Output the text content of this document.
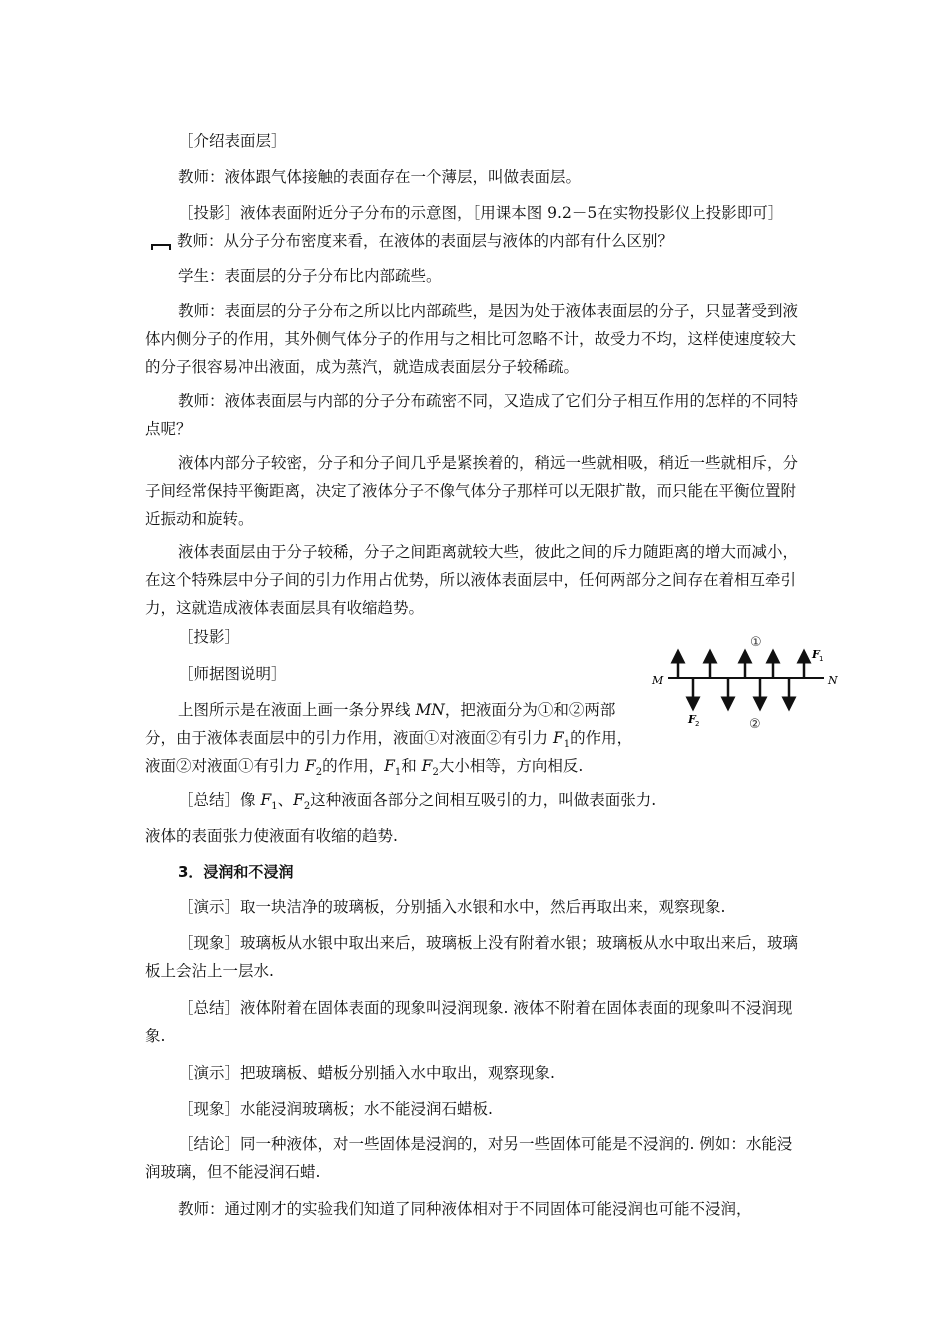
［介绍表面层］

教师：液体跟气体接触的表面存在一个薄层，叫做表面层。

［投影］液体表面附近分子分布的示意图，［用课本图 9.2－5在实物投影仪上投影即可］教师：从分子分布密度来看，在液体的表面层与液体的内部有什么区别？

学生：表面层的分子分布比内部疏些。

教师：表面层的分子分布之所以比内部疏些，是因为处于液体表面层的分子，只显著受到液体内侧分子的作用，其外侧气体分子的作用与之相比可忽略不计，故受力不均，这样使速度较大的分子很容易冲出液面，成为蒸汽，就造成表面层分子较稀疏。

教师：液体表面层与内部的分子分布疏密不同，又造成了它们分子相互作用的怎样的不同特点呢？

液体内部分子较密，分子和分子间几乎是紧挨着的，稍远一些就相吸，稍近一些就相斥，分子间经常保持平衡距离，决定了液体分子不像气体分子那样可以无限扩散，而只能在平衡位置附近振动和旋转。

液体表面层由于分子较稀，分子之间距离就较大些，彼此之间的斥力随距离的增大而减小，在这个特殊层中分子间的引力作用占优势，所以液体表面层中，任何两部分之间存在着相互牵引力，这就造成液体表面层具有收缩趋势。

［投影］

［师据图说明］

上图所示是在液面上画一条分界线 MN，把液面分为①和②两部分，由于液体表面层中的引力作用，液面①对液面②有引力 $F_1$的作用，液面②对液面①有引力 $F_2$的作用，$F_1$和 $F_2$大小相等，方向相反.

［总结］像 $F_1$、$F_2$这种液面各部分之间相互吸引的力，叫做表面张力.

液体的表面张力使液面有收缩的趋势.

3．浸润和不浸润

［演示］取一块洁净的玻璃板，分别插入水银和水中，然后再取出来，观察现象.

［现象］玻璃板从水银中取出来后，玻璃板上没有附着水银；玻璃板从水中取出来后，玻璃板上会沾上一层水.

［总结］液体附着在固体表面的现象叫浸润现象. 液体不附着在固体表面的现象叫不浸润现象.

［演示］把玻璃板、蜡板分别插入水中取出，观察现象.

［现象］水能浸润玻璃板；水不能浸润石蜡板.

［结论］同一种液体，对一些固体是浸润的，对另一些固体可能是不浸润的. 例如：水能浸润玻璃，但不能浸润石蜡.

教师：通过刚才的实验我们知道了同种液体相对于不同固体可能浸润也可能不浸润，

M	N
F 1
F 2
①
②
